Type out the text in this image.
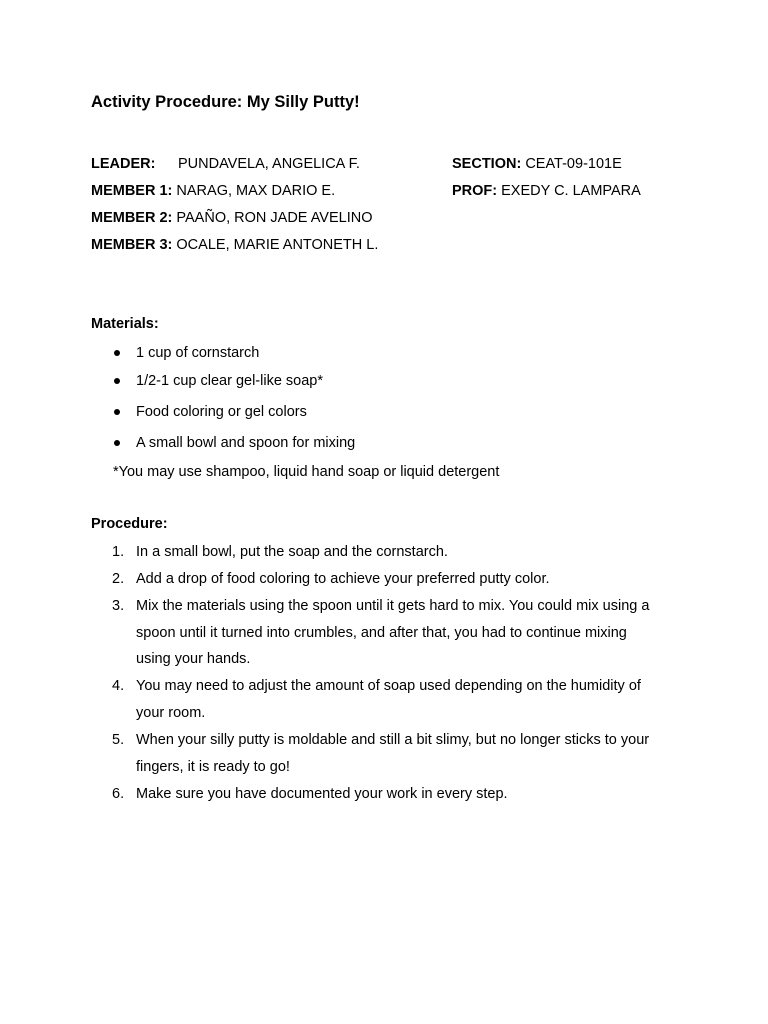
Activity Procedure: My Silly Putty!
LEADER: PUNDAVELA, ANGELICA F.
MEMBER 1: NARAG, MAX DARIO E.
MEMBER 2: PAAÑO, RON JADE AVELINO
MEMBER 3: OCALE, MARIE ANTONETH L.
SECTION: CEAT-09-101E
PROF: EXEDY C. LAMPARA
Materials:
1 cup of cornstarch
1/2-1 cup clear gel-like soap*
Food coloring or gel colors
A small bowl and spoon for mixing
*You may use shampoo, liquid hand soap or liquid detergent
Procedure:
1. In a small bowl, put the soap and the cornstarch.
2. Add a drop of food coloring to achieve your preferred putty color.
3. Mix the materials using the spoon until it gets hard to mix. You could mix using a
spoon until it turned into crumbles, and after that, you had to continue mixing
using your hands.
4. You may need to adjust the amount of soap used depending on the humidity of
your room.
5. When your silly putty is moldable and still a bit slimy, but no longer sticks to your
fingers, it is ready to go!
6. Make sure you have documented your work in every step.
